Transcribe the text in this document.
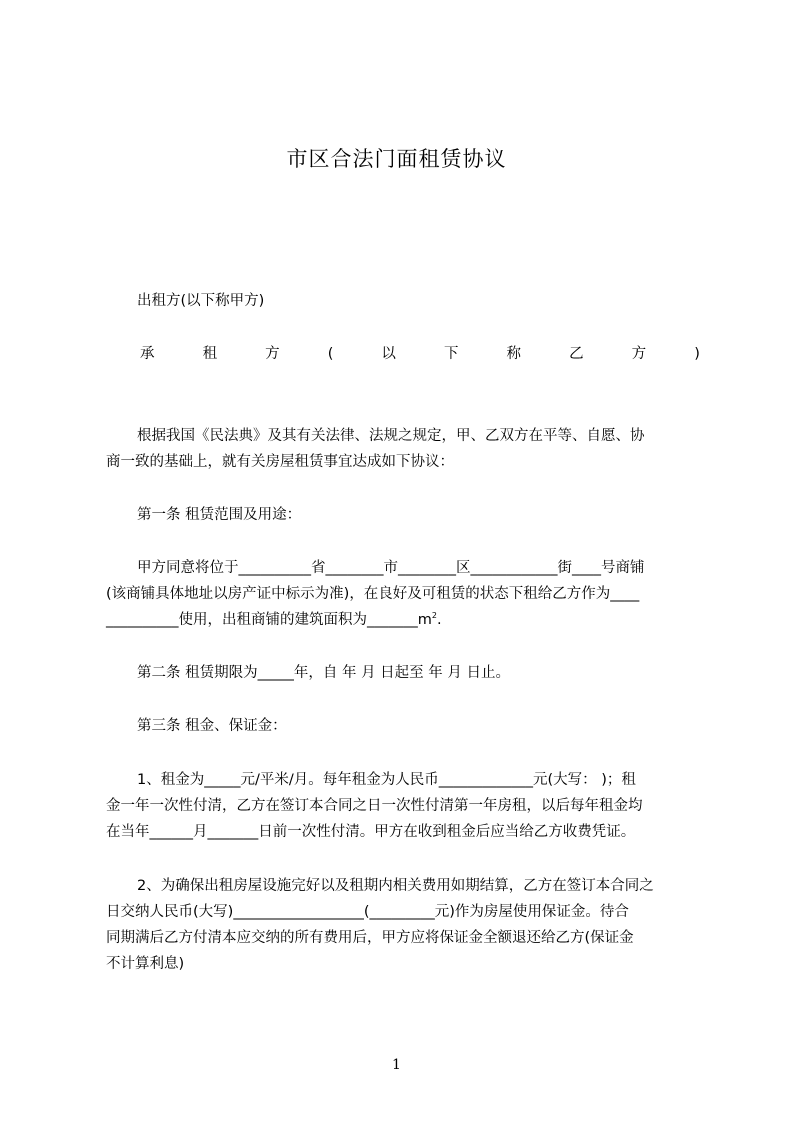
市区合法门面租赁协议
出租方(以下称甲方)
承	租	方	(	以	下	称	乙	方	)
根据我国《民法典》及其有关法律、法规之规定，甲、乙双方在平等、自愿、协
商一致的基础上，就有关房屋租赁事宜达成如下协议：
第一条 租赁范围及用途：
甲方同意将位于__________省________市________区____________街____号商铺
(该商铺具体地址以房产证中标示为准)，在良好及可租赁的状态下租给乙方作为____
__________使用，出租商铺的建筑面积为$\_\_\_\_\_\_\_m^2$.
第二条 租赁期限为_____年，自 年 月 日起至 年 月 日止。
第三条 租金、保证金：
1、租金为_____元/平米/月。每年租金为人民币_____________元(大写： )；租
金一年一次性付清，乙方在签订本合同之日一次性付清第一年房租，以后每年租金均
在当年______月_______日前一次性付清。甲方在收到租金后应当给乙方收费凭证。
2、为确保出租房屋设施完好以及租期内相关费用如期结算，乙方在签订本合同之
日交纳人民币(大写)__________________(_________元)作为房屋使用保证金。待合
同期满后乙方付清本应交纳的所有费用后，甲方应将保证金全额退还给乙方(保证金
不计算利息)
1
